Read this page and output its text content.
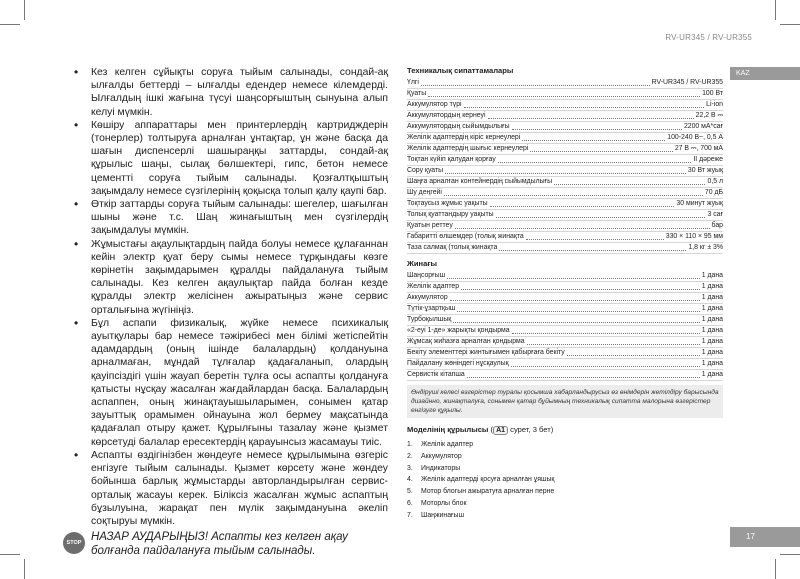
RV-UR345 / RV-UR355
KAZ
17
• Кез келген сұйықты соруға тыйым салынады, сондай-ақ ылғалды беттерді – ылғалды едендер немесе кілемдерді. Ылғалдың ішкі жағына түсуі шаңсорғыштың сынуына алып келуі мүмкін.
• Көшіру аппараттары мен принтерлердің картридждерін (тонерлер) толтыруға арналған ұнтақтар, ұн және басқа да шағын диспенсерлі шашыраңқы заттарды, сондай-ақ құрылыс шаңы, сылақ бөлшектері, гипс, бетон немесе цементті соруға тыйым салынады. Қозғалтқыштың зақымдалу немесе сүзгілерінің қоқысқа толып қалу қаупі бар.
• Өткір заттарды соруға тыйым салынады: шегелер, шағылған шыны және т.с. Шаң жинағыштың мен сүзгілердің зақымдалуы мүмкін.
• Жұмыстағы ақаулықтардың пайда болуы немесе құлағаннан кейін электр қуат беру сымы немесе тұрқындағы көзге көрінетін зақымдарымен құралды пайдалануға тыйым салынады. Кез келген ақаулықтар пайда болған кезде құралды электр желісінен ажыратыңыз және сервис орталығына жүгініңіз.
• Бұл аспапи физикалық, жүйке немесе психикалық ауытқулары бар немесе тәжірибесі мен білімі жетіспейтін адамдардың (оның ішінде балалардың) қолдануына арналмаған, мұндай тұлғалар қадағаланып, олардың қауіпсіздігі үшін жауап беретін тұлға осы аспапты қолдануға қатысты нұсқау жасалған жағдайлардан басқа. Балалардың аспаппен, оның жинақтауышыларымен, сонымен қатар зауыттық орамымен ойнауына жол бермеу мақсатында қадағалап отыру қажет. Құрылғыны тазалау және қызмет көрсетуді балалар ересектердің қарауынсыз жасамауы тиіс.
• Аспапты өздігінізбен жөндеуге немесе құрылымына өзгеріс енгізуге тыйым салынады. Қызмет көрсету және жөндеу бойынша барлық жұмыстарды авторландырылған сервис-орталық жасауы керек. Біліксіз жасалған жұмыс аспаптың бұзылуына, жарақат пен мүлік зақымдануына әкеліп соқтыруы мүмкін.
STOP НАЗАР АУДАРЫҢЫЗ! Аспапты кез келген ақау болғанда пайдалануға тыйым салынады.
Техникалық сипаттамалары
Үлгі	RV-UR345 / RV-UR355
Қуаты	100 Вт
Аккумулятор түрі	Li-ion
Аккумулятордың кернеуі	22,2 В ⎓
Аккумулятордың сыйымдылығы	2200 мА*сағ
Желілік адаптердің кіріс кернеулері	100-240 В~, 0,5 А
Желілік адаптердің шығыс кернеулері	27 В ⎓, 700 мА
Тоқтан күйіп қалудан қорғау	II дәреже
Сору қуаты	30 Вт жуық
Шаңға арналған контейнердің сыйымдылығы	0,5 л
Шу деңгейі	70 дБ
Тоқтаусыз жұмыс уақыты	30 минут жуық
Толық қуаттандыру уақыты	3 сағ
Қуатын реттеу	бар
Габариттi өлшемдер (толық жинақта	330 × 110 × 95 мм
Таза салмақ (толық жинақта	1,8 кг ± 3%
Жинағы
Шаңсорғыш	1 дана
Желілік адаптер	1 дана
Аккумулятор	1 дана
Түтік-ұзартқыш	1 дана
Турбоқылшық	1 дана
«2-еуі 1-де» жарықты қондырма	1 дана
Жұмсақ жиһазға арналған қондырма	1 дана
Бекіту элементтері жинтығымен қабырғаға бекіту	1 дана
Пайдалану жөніндегі нұсқаулық	1 дана
Сервистік кітапша	1 дана
Өндіруші келесі өзгерістер туралы қосымша хабарландырусыз өз өнімдерін жетілдіру барысында дизайнно, жинақталуға, сонымен қатар бұйымның техникалық сипатта малорына өзгерістер енгізуге құқылы.
Моделінің құрылысы ( A1 сурет, 3 бет)
1.	Желілік адаптер
2.	Аккумулятор
3.	Индикаторы
4.	Желілік адаптердi қосуға арналған ұяшық
5.	Мотор блогын ажыратуға арналған перне
6.	Моторлы блок
7.	Шаңжинағыш
